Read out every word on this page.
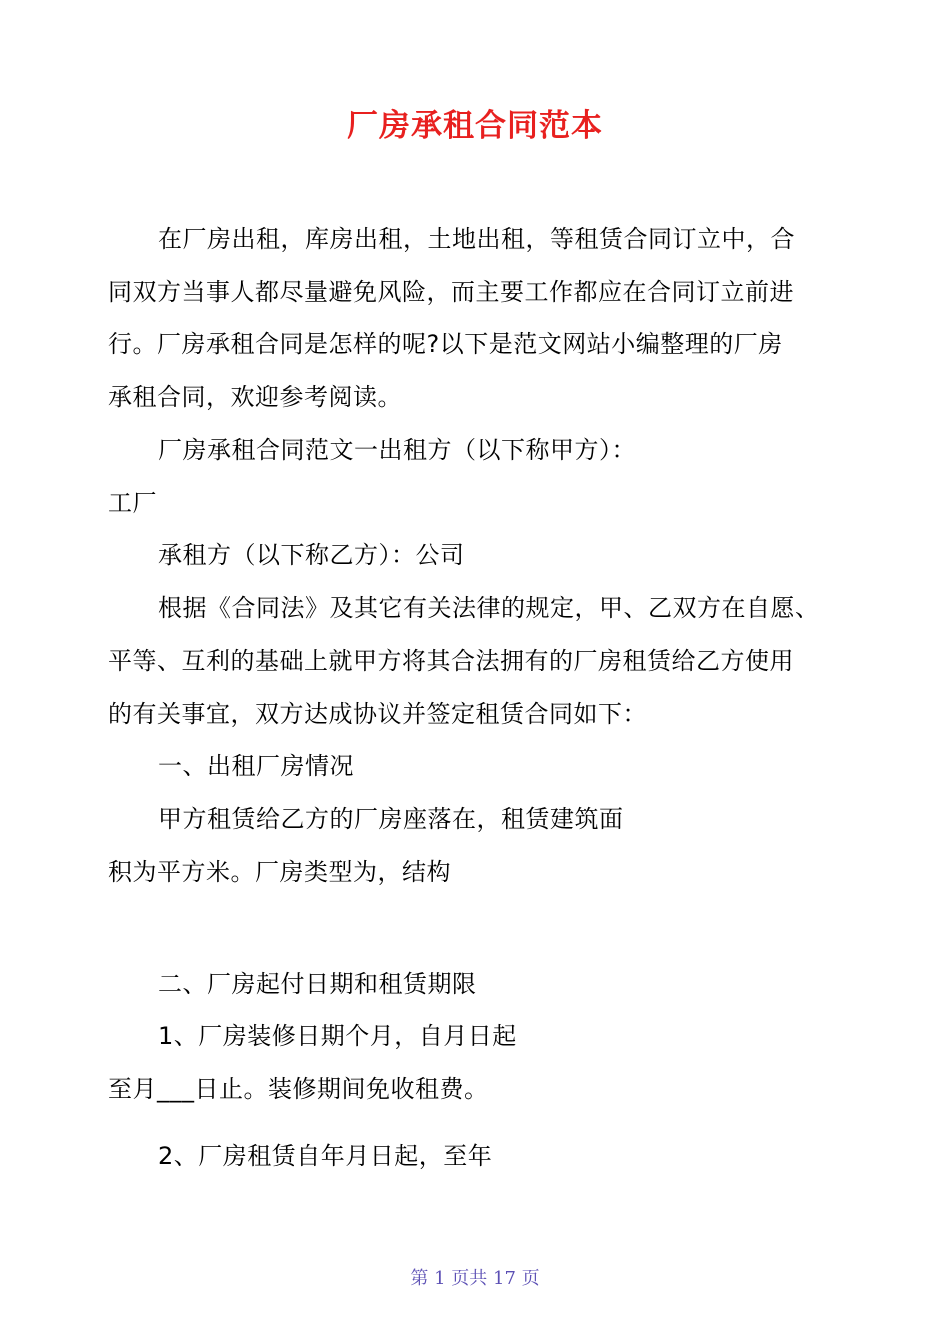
厂房承租合同范本
在厂房出租，库房出租，土地出租，等租赁合同订立中，合
同双方当事人都尽量避免风险，而主要工作都应在合同订立前进
行。厂房承租合同是怎样的呢?以下是范文网站小编整理的厂房
承租合同，欢迎参考阅读。
厂房承租合同范文一出租方（以下称甲方）：
工厂
承租方（以下称乙方）：公司
根据《合同法》及其它有关法律的规定，甲、乙双方在自愿、
平等、互利的基础上就甲方将其合法拥有的厂房租赁给乙方使用
的有关事宜，双方达成协议并签定租赁合同如下：
一、出租厂房情况
甲方租赁给乙方的厂房座落在，租赁建筑面
积为平方米。厂房类型为，结构
二、厂房起付日期和租赁期限
1、厂房装修日期个月，自月日起
至月___日止。装修期间免收租费。
2、厂房租赁自年月日起，至年
第 1 页共 17 页
